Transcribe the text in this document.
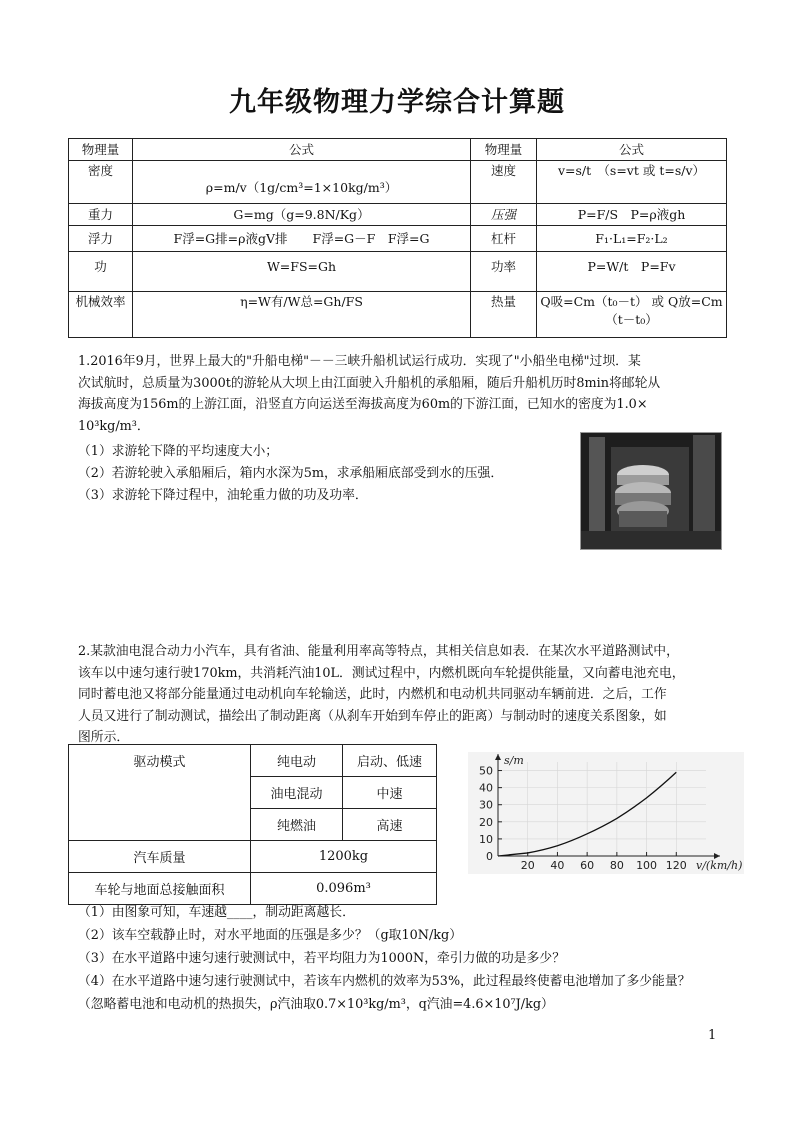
九年级物理力学综合计算题
物理量	公式	物理量	公式
密度	ρ=m/v（1g/cm³=1×10kg/m³）	速度	v=s/t　（s=vt 或 t=s/v）
重力	G=mg（g=9.8N/Kg）	压强	P=F/S　P=ρ液gh
浮力	F浮=G排=ρ液gV排　　F浮=G－F　F浮=G	杠杆	F₁·L₁=F₂·L₂
功	W=FS=Gh	功率	P=W/t　P=Fv
机械效率	η=W有/W总=Gh/FS	热量	Q吸=Cm（t₀－t） 或 Q放=Cm（t－t₀）

1.2016年9月，世界上最大的"升船电梯"－－三峡升船机试运行成功．实现了"小船坐电梯"过坝．某

次试航时，总质量为3000t的游轮从大坝上由江面驶入升船机的承船厢，随后升船机历时8min将邮轮从

海拔高度为156m的上游江面，沿竖直方向运送至海拔高度为60m的下游江面，已知水的密度为1.0×

10³kg/m³．

（1）求游轮下降的平均速度大小；

（2）若游轮驶入承船厢后，箱内水深为5m，求承船厢底部受到水的压强．

（3）求游轮下降过程中，油轮重力做的功及功率．

2.某款油电混合动力小汽车，具有省油、能量利用率高等特点，其相关信息如表．在某次水平道路测试中，

该车以中速匀速行驶170km，共消耗汽油10L．测试过程中，内燃机既向车轮提供能量，又向蓄电池充电，

同时蓄电池又将部分能量通过电动机向车轮输送，此时，内燃机和电动机共同驱动车辆前进．之后，工作

人员又进行了制动测试，描绘出了制动距离（从刹车开始到车停止的距离）与制动时的速度关系图象，如

图所示．

驱动模式	纯电动	启动、低速
	油电混动	中速
	纯燃油	高速
汽车质量	1200kg	
车轮与地面总接触面积	0.096m³	
0
10
20
30
40
50
20 40 60 80 100 120
s/m
v/(km/h)

（1）由图象可知，车速越____，制动距离越长．

（2）该车空载静止时，对水平地面的压强是多少？（g取10N/kg）

（3）在水平道路中速匀速行驶测试中，若平均阻力为1000N，牵引力做的功是多少？

（4）在水平道路中速匀速行驶测试中，若该车内燃机的效率为53%，此过程最终使蓄电池增加了多少能量？

（忽略蓄电池和电动机的热损失，ρ汽油取0.7×10³kg/m³，q汽油=4.6×10⁷J/kg）

1
